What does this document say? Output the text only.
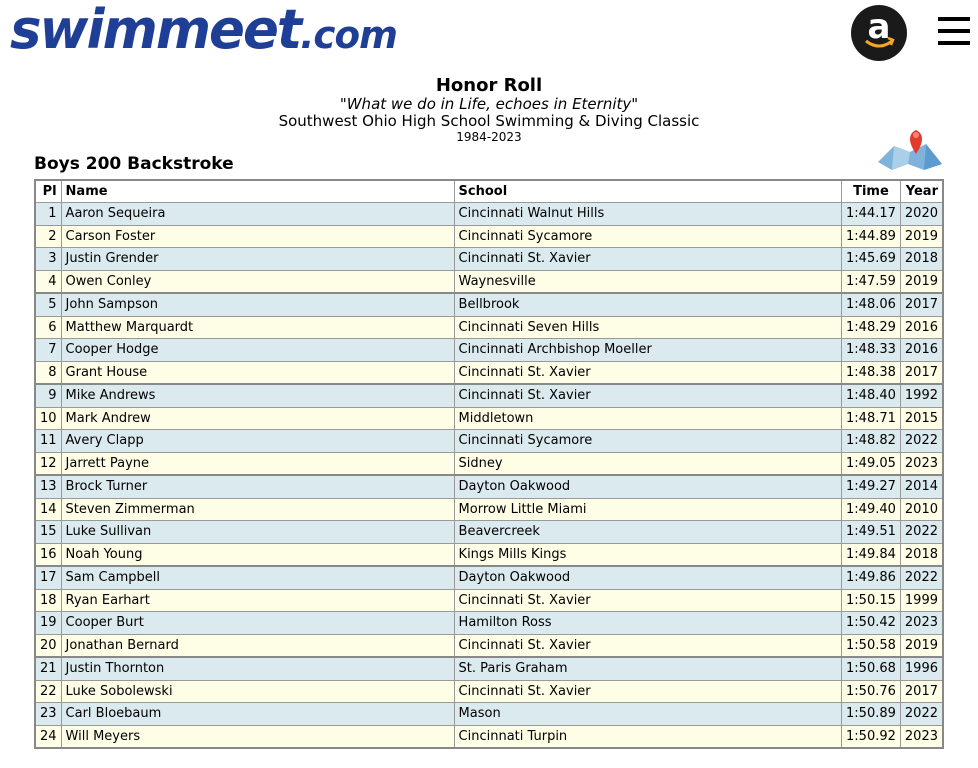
swimmeet.com	a
Honor Roll
"What we do in Life, echoes in Eternity"
Southwest Ohio High School Swimming & Diving Classic
1984-2023
Boys 200 Backstroke
Pl	Name	School	Time	Year
1	Aaron Sequeira	Cincinnati Walnut Hills	1:44.17	2020
2	Carson Foster	Cincinnati Sycamore	1:44.89	2019
3	Justin Grender	Cincinnati St. Xavier	1:45.69	2018
4	Owen Conley	Waynesville	1:47.59	2019
5	John Sampson	Bellbrook	1:48.06	2017
6	Matthew Marquardt	Cincinnati Seven Hills	1:48.29	2016
7	Cooper Hodge	Cincinnati Archbishop Moeller	1:48.33	2016
8	Grant House	Cincinnati St. Xavier	1:48.38	2017
9	Mike Andrews	Cincinnati St. Xavier	1:48.40	1992
10	Mark Andrew	Middletown	1:48.71	2015
11	Avery Clapp	Cincinnati Sycamore	1:48.82	2022
12	Jarrett Payne	Sidney	1:49.05	2023
13	Brock Turner	Dayton Oakwood	1:49.27	2014
14	Steven Zimmerman	Morrow Little Miami	1:49.40	2010
15	Luke Sullivan	Beavercreek	1:49.51	2022
16	Noah Young	Kings Mills Kings	1:49.84	2018
17	Sam Campbell	Dayton Oakwood	1:49.86	2022
18	Ryan Earhart	Cincinnati St. Xavier	1:50.15	1999
19	Cooper Burt	Hamilton Ross	1:50.42	2023
20	Jonathan Bernard	Cincinnati St. Xavier	1:50.58	2019
21	Justin Thornton	St. Paris Graham	1:50.68	1996
22	Luke Sobolewski	Cincinnati St. Xavier	1:50.76	2017
23	Carl Bloebaum	Mason	1:50.89	2022
24	Will Meyers	Cincinnati Turpin	1:50.92	2023
